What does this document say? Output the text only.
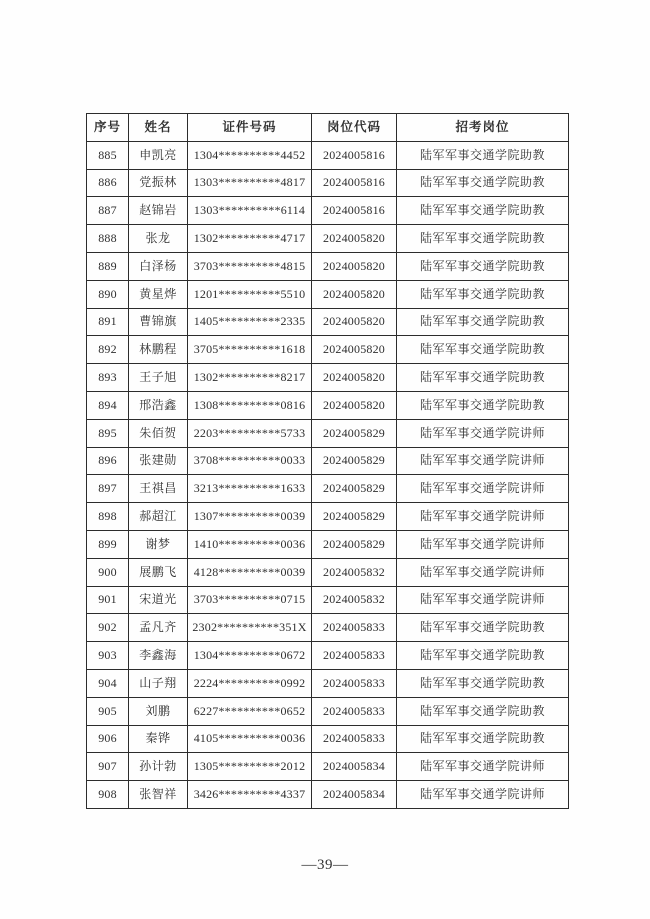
序号	姓名	证件号码	岗位代码	招考岗位
885	申凯亮	1304**********4452	2024005816	陆军军事交通学院助教
886	党振林	1303**********4817	2024005816	陆军军事交通学院助教
887	赵锦岩	1303**********6114	2024005816	陆军军事交通学院助教
888	张龙	1302**********4717	2024005820	陆军军事交通学院助教
889	白泽杨	3703**********4815	2024005820	陆军军事交通学院助教
890	黄星烨	1201**********5510	2024005820	陆军军事交通学院助教
891	曹锦旗	1405**********2335	2024005820	陆军军事交通学院助教
892	林鹏程	3705**********1618	2024005820	陆军军事交通学院助教
893	王子旭	1302**********8217	2024005820	陆军军事交通学院助教
894	邢浩鑫	1308**********0816	2024005820	陆军军事交通学院助教
895	朱佰贺	2203**********5733	2024005829	陆军军事交通学院讲师
896	张建勋	3708**********0033	2024005829	陆军军事交通学院讲师
897	王祺昌	3213**********1633	2024005829	陆军军事交通学院讲师
898	郝超江	1307**********0039	2024005829	陆军军事交通学院讲师
899	谢梦	1410**********0036	2024005829	陆军军事交通学院讲师
900	展鹏飞	4128**********0039	2024005832	陆军军事交通学院讲师
901	宋道光	3703**********0715	2024005832	陆军军事交通学院讲师
902	孟凡齐	2302**********351X	2024005833	陆军军事交通学院助教
903	李鑫海	1304**********0672	2024005833	陆军军事交通学院助教
904	山子翔	2224**********0992	2024005833	陆军军事交通学院助教
905	刘鹏	6227**********0652	2024005833	陆军军事交通学院助教
906	秦铧	4105**********0036	2024005833	陆军军事交通学院助教
907	孙计勃	1305**********2012	2024005834	陆军军事交通学院讲师
908	张智祥	3426**********4337	2024005834	陆军军事交通学院讲师
—39—
